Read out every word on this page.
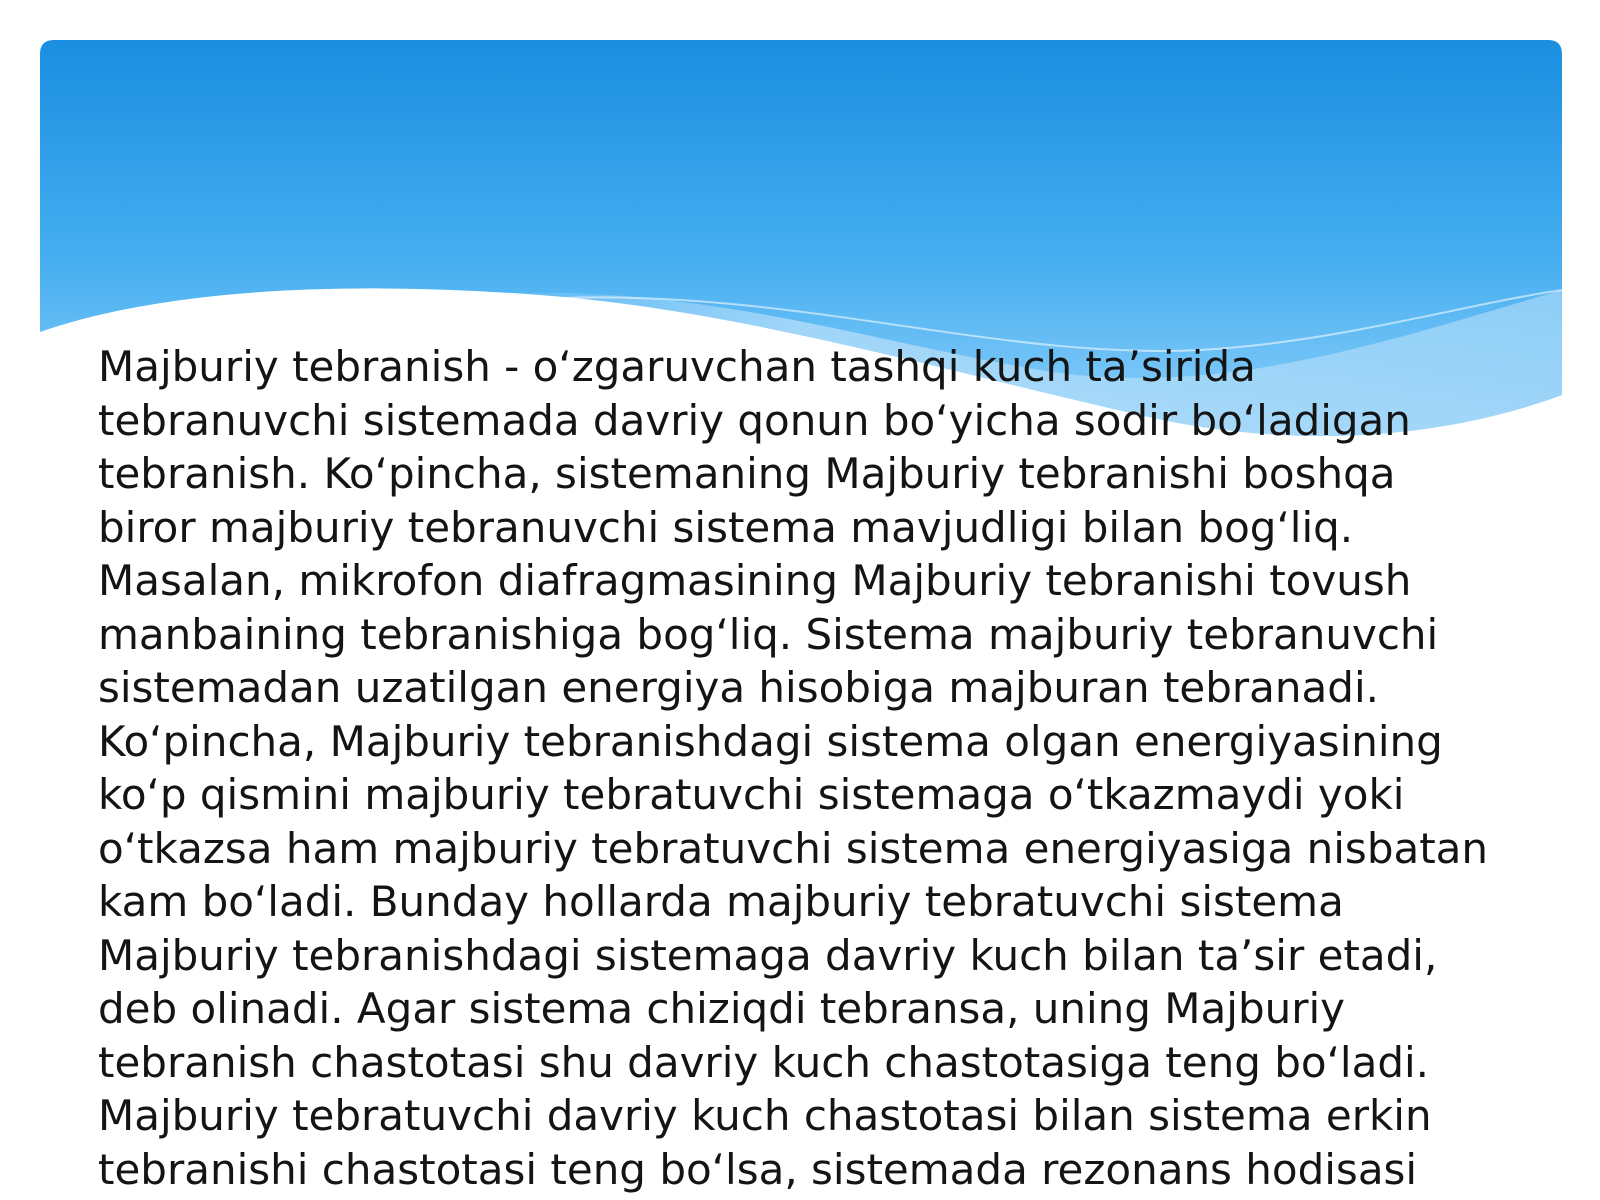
Majburiy tebranish - o‘zgaruvchan tashqi kuch ta’sirida
tebranuvchi sistemada davriy qonun bo‘yicha sodir bo‘ladigan
tebranish. Ko‘pincha, sistemaning Majburiy tebranishi boshqa
biror majburiy tebranuvchi sistema mavjudligi bilan bog‘liq.
Masalan, mikrofon diafragmasining Majburiy tebranishi tovush
manbaining tebranishiga bog‘liq. Sistema majburiy tebranuvchi
sistemadan uzatilgan energiya hisobiga majburan tebranadi.
Ko‘pincha, Majburiy tebranishdagi sistema olgan energiyasining
ko‘p qismini majburiy tebratuvchi sistemaga o‘tkazmaydi yoki
o‘tkazsa ham majburiy tebratuvchi sistema energiyasiga nisbatan
kam bo‘ladi. Bunday hollarda majburiy tebratuvchi sistema
Majburiy tebranishdagi sistemaga davriy kuch bilan ta’sir etadi,
deb olinadi. Agar sistema chiziqdi tebransa, uning Majburiy
tebranish chastotasi shu davriy kuch chastotasiga teng bo‘ladi.
Majburiy tebratuvchi davriy kuch chastotasi bilan sistema erkin
tebranishi chastotasi teng bo‘lsa, sistemada rezonans hodisasi
